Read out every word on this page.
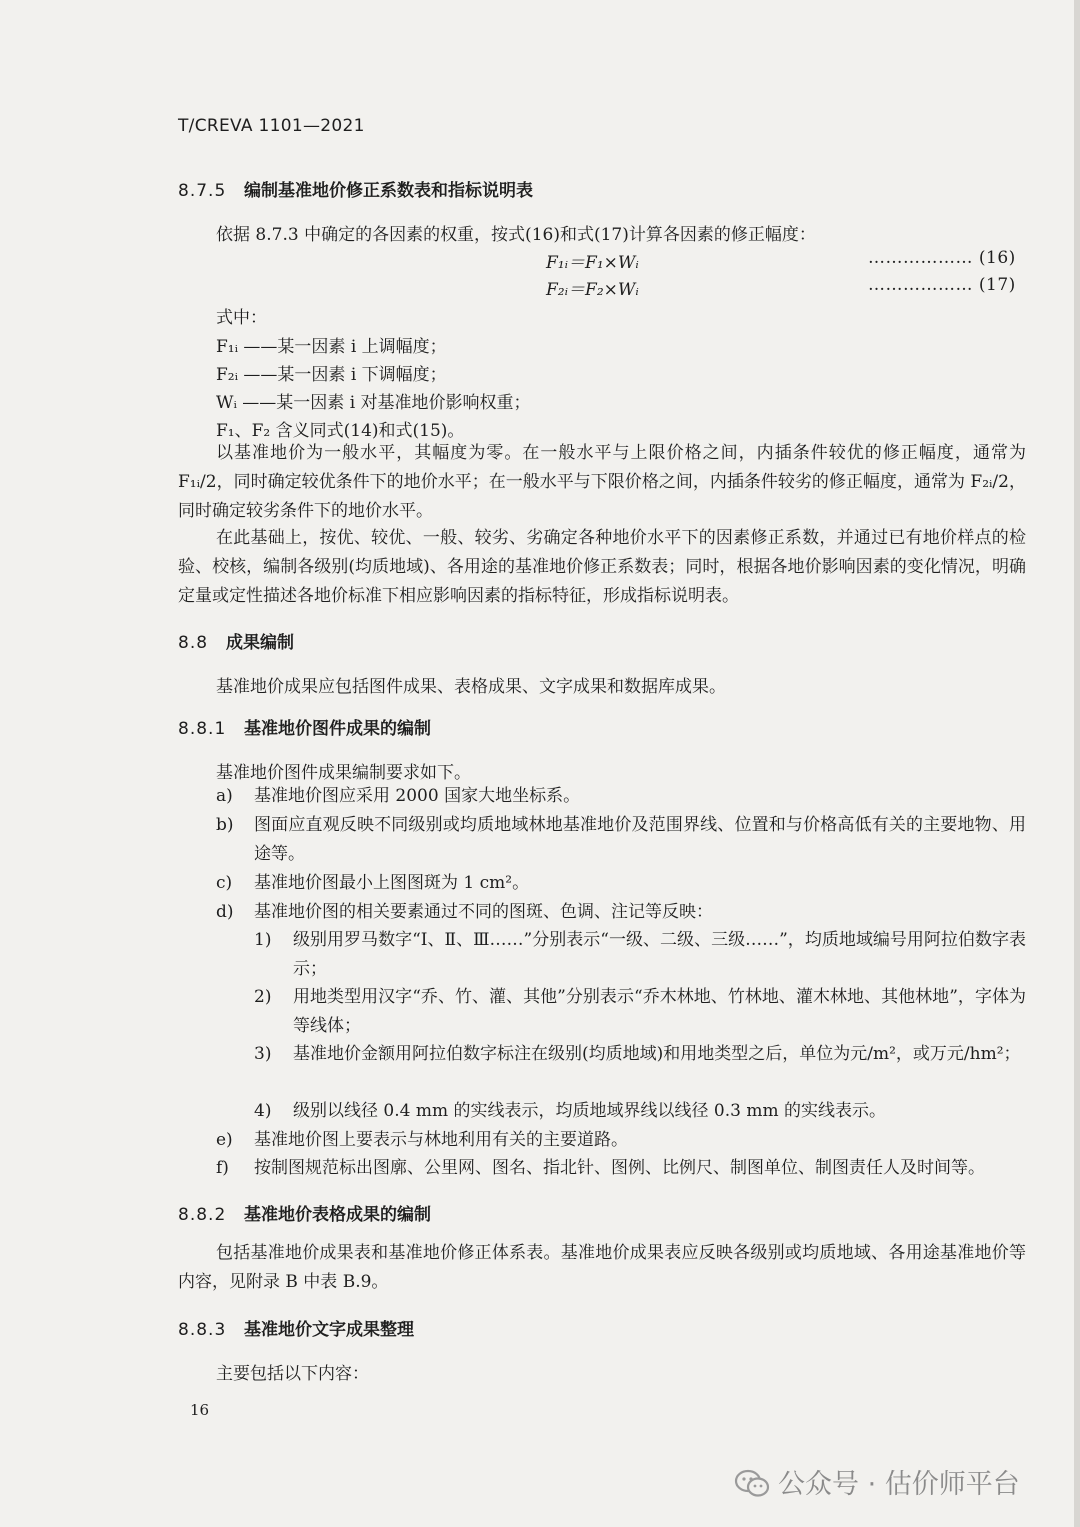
T/CREVA 1101—2021
8.7.5 编制基准地价修正系数表和指标说明表
依据 8.7.3 中确定的各因素的权重，按式(16)和式(17)计算各因素的修正幅度：
F₁ᵢ＝F₁×Wᵢ	……………… (16)
F₂ᵢ＝F₂×Wᵢ	……………… (17)
式中：
F₁ᵢ ——某一因素 i 上调幅度；
F₂ᵢ ——某一因素 i 下调幅度；
Wᵢ ——某一因素 i 对基准地价影响权重；
F₁、F₂ 含义同式(14)和式(15)。
以基准地价为一般水平，其幅度为零。在一般水平与上限价格之间，内插条件较优的修正幅度，通常为 F₁ᵢ/2，同时确定较优条件下的地价水平；在一般水平与下限价格之间，内插条件较劣的修正幅度，通常为 F₂ᵢ/2，同时确定较劣条件下的地价水平。
在此基础上，按优、较优、一般、较劣、劣确定各种地价水平下的因素修正系数，并通过已有地价样点的检验、校核，编制各级别(均质地域)、各用途的基准地价修正系数表；同时，根据各地价影响因素的变化情况，明确定量或定性描述各地价标准下相应影响因素的指标特征，形成指标说明表。
8.8 成果编制
基准地价成果应包括图件成果、表格成果、文字成果和数据库成果。
8.8.1 基准地价图件成果的编制
基准地价图件成果编制要求如下。
a) 基准地价图应采用 2000 国家大地坐标系。
b) 图面应直观反映不同级别或均质地域林地基准地价及范围界线、位置和与价格高低有关的主要地物、用途等。
c) 基准地价图最小上图图斑为 1 cm²。
d) 基准地价图的相关要素通过不同的图斑、色调、注记等反映：
1) 级别用罗马数字“Ⅰ、Ⅱ、Ⅲ……”分别表示“一级、二级、三级……”，均质地域编号用阿拉伯数字表示；
2) 用地类型用汉字“乔、竹、灌、其他”分别表示“乔木林地、竹林地、灌木林地、其他林地”，字体为等线体；
3) 基准地价金额用阿拉伯数字标注在级别(均质地域)和用地类型之后，单位为元/m²，或万元/hm²；
4) 级别以线径 0.4 mm 的实线表示，均质地域界线以线径 0.3 mm 的实线表示。
e) 基准地价图上要表示与林地利用有关的主要道路。
f) 按制图规范标出图廓、公里网、图名、指北针、图例、比例尺、制图单位、制图责任人及时间等。
8.8.2 基准地价表格成果的编制
包括基准地价成果表和基准地价修正体系表。基准地价成果表应反映各级别或均质地域、各用途基准地价等内容，见附录 B 中表 B.9。
8.8.3 基准地价文字成果整理
主要包括以下内容：
16
公众号 · 估价师平台
